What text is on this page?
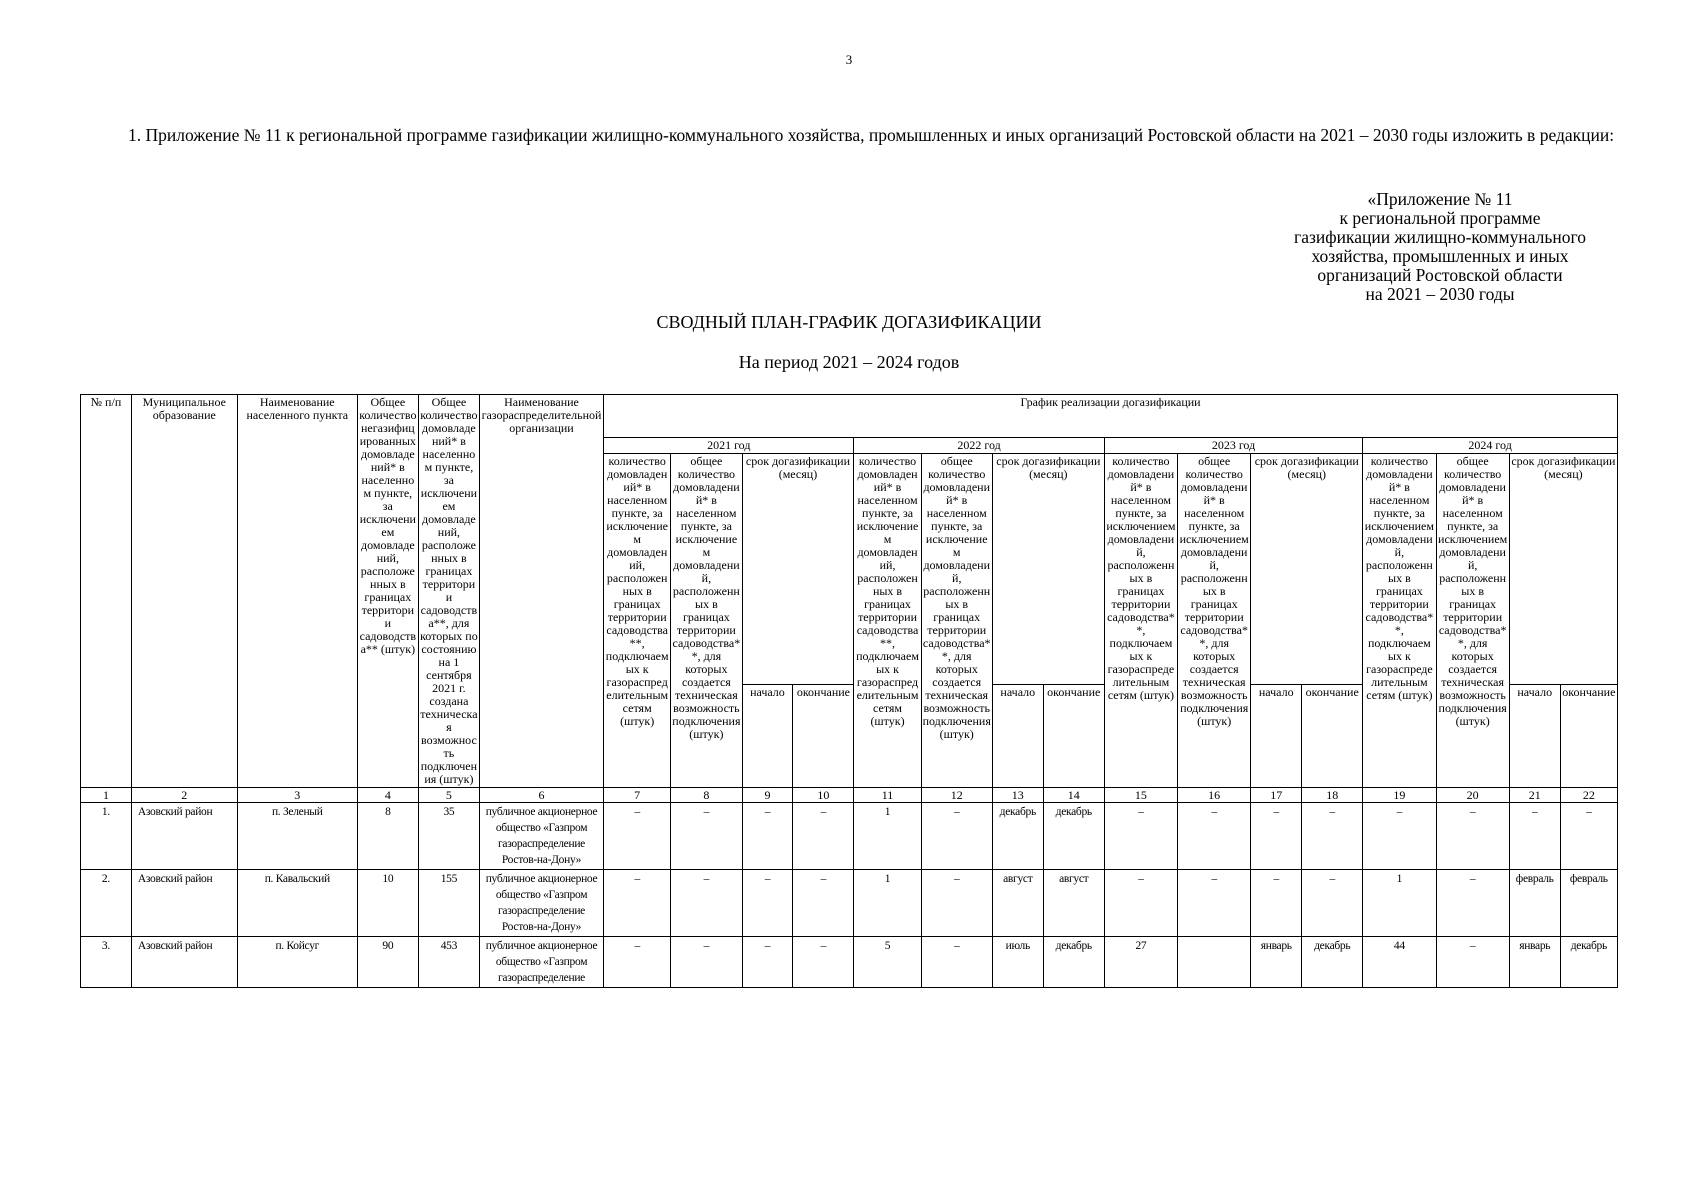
3
1. Приложение № 11 к региональной программе газификации жилищно-коммунального хозяйства, промышленных и иных организаций Ростовской области на 2021 – 2030 годы изложить в редакции:
«Приложение № 11
к региональной программе
газификации жилищно-коммунального
хозяйства, промышленных и иных
организаций Ростовской области
на 2021 – 2030 годы
СВОДНЫЙ ПЛАН-ГРАФИК ДОГАЗИФИКАЦИИ
На период 2021 – 2024 годов
№ п/п	Муниципальное образование	Наименование населенного пункта	Общее количество негазифицированных домовладений* в населенном пункте, за исключением домовладений, расположенных в границах территории садоводства** (штук)	Общее количество домовладений* в населенном пункте, за исключением домовладений, расположенных в границах территории садоводства**, для которых по состоянию на 1 сентября 2021 г. создана техническая возможность подключения (штук)	Наименование газораспределительной организации	График реализации догазификации															
						2021 год				2022 год				2023 год				2024 год			
						количество домовладений* в населенном пункте, за исключением домовладений, расположенных в границах территории садоводства**, подключаемых к газораспределительным сетям (штук)	общее количество домовладений* в населенном пункте, за исключением домовладений, расположенных в границах территории садоводства**, для которых создается техническая возможность подключения (штук)	срок догазификации (месяц)		количество домовладений* в населенном пункте, за исключением домовладений, расположенных в границах территории садоводства**, подключаемых к газораспределительным сетям (штук)	общее количество домовладений* в населенном пункте, за исключением домовладений, расположенных в границах территории садоводства**, для которых создается техническая возможность подключения (штук)	срок догазификации (месяц)		количество домовладений* в населенном пункте, за исключением домовладений, расположенных в границах территории садоводства**, подключаемых к газораспределительным сетям (штук)	общее количество домовладений* в населенном пункте, за исключением домовладений, расположенных в границах территории садоводства**, для которых создается техническая возможность подключения (штук)	срок догазификации (месяц)		количество домовладений* в населенном пункте, за исключением домовладений, расположенных в границах территории садоводства**, подключаемых к газораспределительным сетям (штук)	общее количество домовладений* в населенном пункте, за исключением домовладений, расположенных в границах территории садоводства**, для которых создается техническая возможность подключения (штук)	срок догазификации (месяц)	
								начало	окончание			начало	окончание			начало	окончание			начало	окончание
1	2	3	4	5	6	7	8	9	10	11	12	13	14	15	16	17	18	19	20	21	22
1.	Азовский район	п. Зеленый	8	35	публичное акционерное общество «Газпром газораспределение Ростов-на-Дону»	–	–	–	–	1	–	декабрь	декабрь	–	–	–	–	–	–	–	–
2.	Азовский район	п. Кавальский	10	155	публичное акционерное общество «Газпром газораспределение Ростов-на-Дону»	–	–	–	–	1	–	август	август	–	–	–	–	1	–	февраль	февраль
3.	Азовский район	п. Койсуг	90	453	публичное акционерное общество «Газпром газораспределение	–	–	–	–	5	–	июль	декабрь	27		январь	декабрь	44	–	январь	декабрь
